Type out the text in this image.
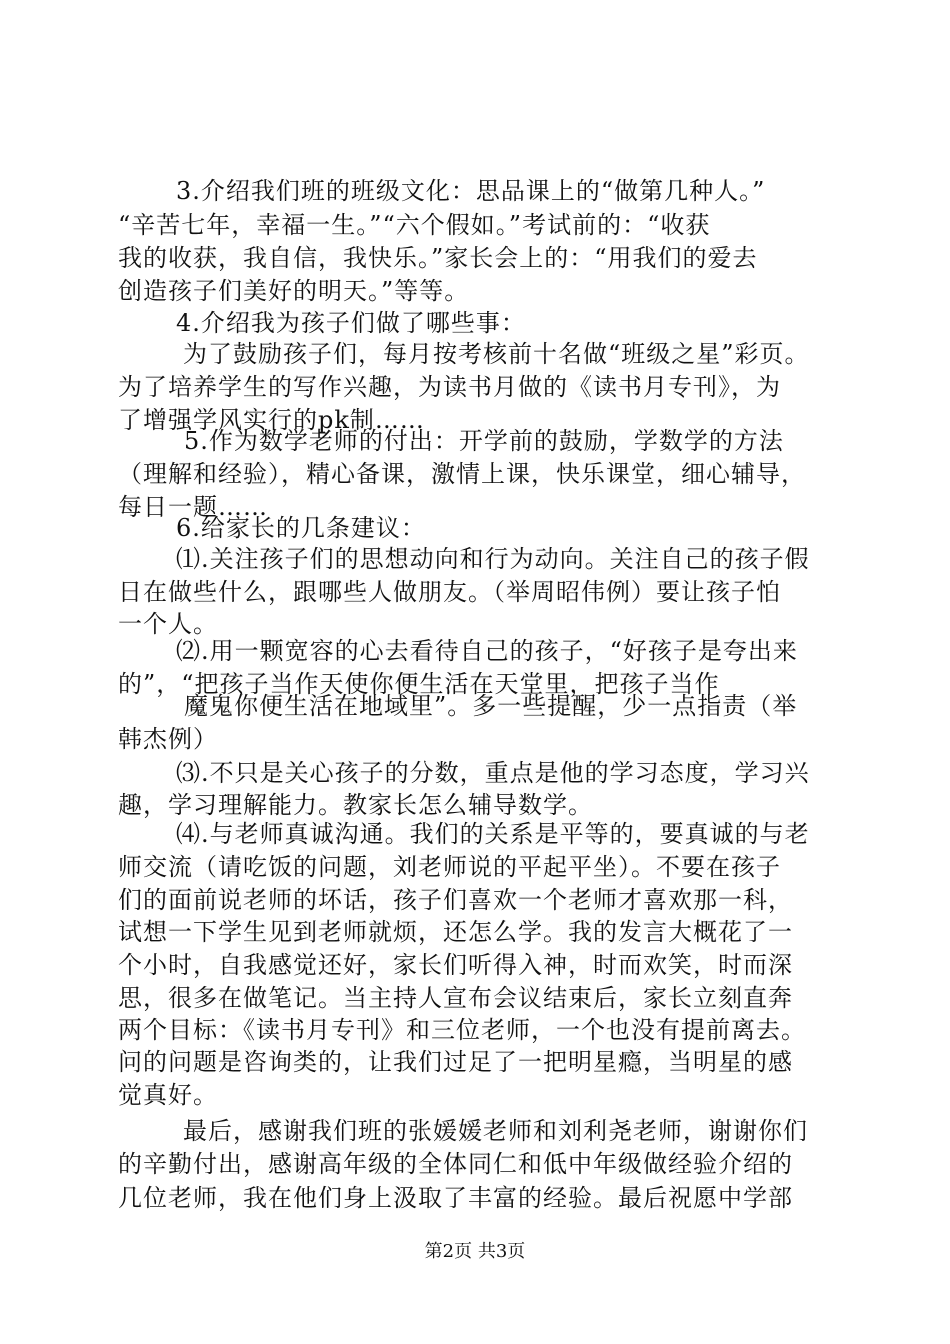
3.介绍我们班的班级文化：思品课上的“做第几种人。”
“辛苦七年，幸福一生。”“六个假如。”考试前的：“收获
我的收获，我自信，我快乐。”家长会上的：“用我们的爱去
创造孩子们美好的明天。”等等。
4.介绍我为孩子们做了哪些事：
为了鼓励孩子们，每月按考核前十名做“班级之星”彩页。
为了培养学生的写作兴趣，为读书月做的《读书月专刊》，为
了增强学风实行的pk制……
5.作为数学老师的付出：开学前的鼓励，学数学的方法
（理解和经验），精心备课，激情上课，快乐课堂，细心辅导，
每日一题……
6.给家长的几条建议：
⑴.关注孩子们的思想动向和行为动向。关注自己的孩子假
日在做些什么，跟哪些人做朋友。（举周昭伟例）要让孩子怕
一个人。
⑵.用一颗宽容的心去看待自己的孩子，“好孩子是夸出来
的”，“把孩子当作天使你便生活在天堂里，把孩子当作
魔鬼你便生活在地域里”。多一些提醒，少一点指责（举
韩杰例）
⑶.不只是关心孩子的分数，重点是他的学习态度，学习兴
趣，学习理解能力。教家长怎么辅导数学。
⑷.与老师真诚沟通。我们的关系是平等的，要真诚的与老
师交流（请吃饭的问题，刘老师说的平起平坐）。不要在孩子
们的面前说老师的坏话，孩子们喜欢一个老师才喜欢那一科，
试想一下学生见到老师就烦，还怎么学。我的发言大概花了一
个小时，自我感觉还好，家长们听得入神，时而欢笑，时而深
思，很多在做笔记。当主持人宣布会议结束后，家长立刻直奔
两个目标：《读书月专刊》和三位老师，一个也没有提前离去。
问的问题是咨询类的，让我们过足了一把明星瘾，当明星的感
觉真好。
最后，感谢我们班的张媛媛老师和刘利尧老师，谢谢你们
的辛勤付出，感谢高年级的全体同仁和低中年级做经验介绍的
几位老师，我在他们身上汲取了丰富的经验。最后祝愿中学部
第2页 共3页
